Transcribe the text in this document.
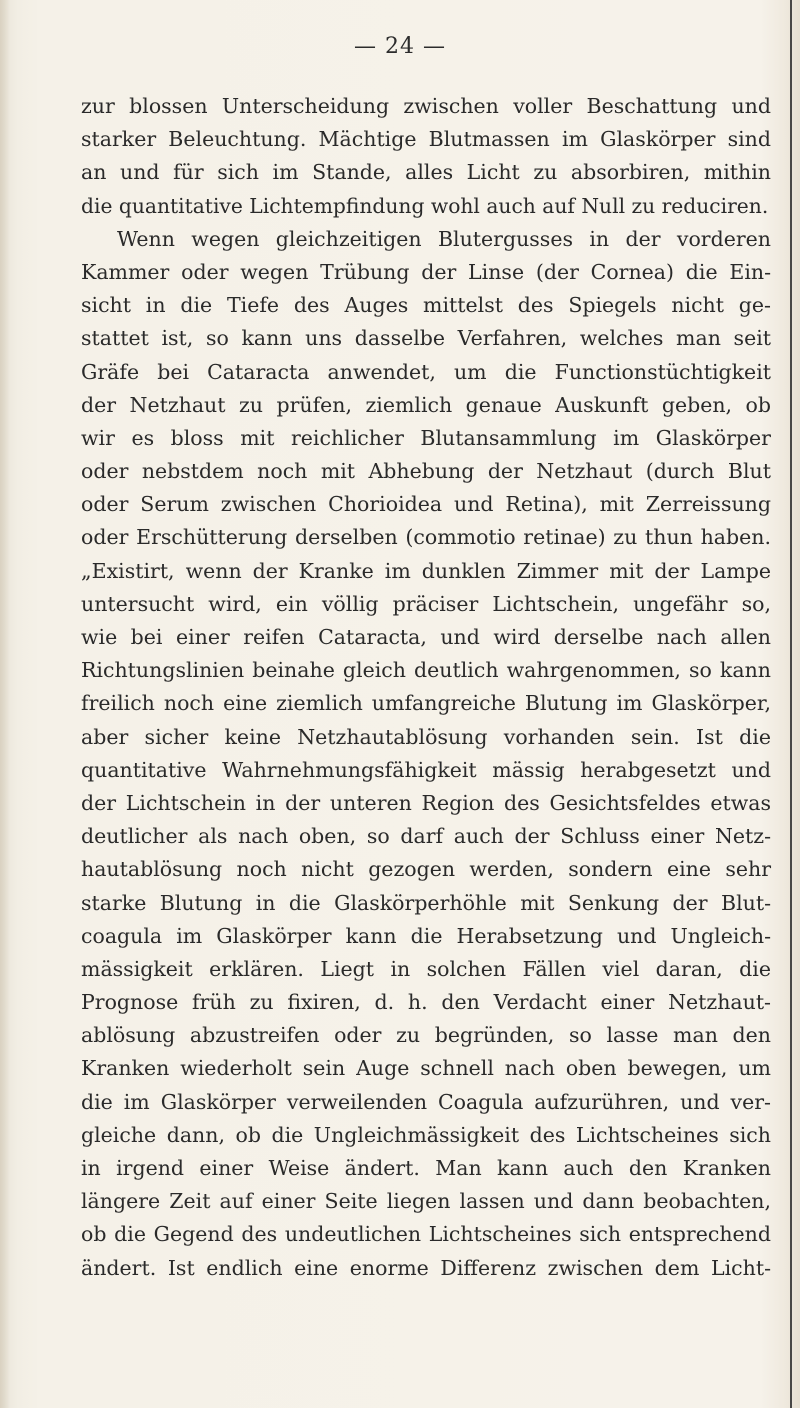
— 24 —
zur blossen Unterscheidung zwischen voller Beschattung und
starker Beleuchtung. Mächtige Blutmassen im Glaskörper sind
an und für sich im Stande, alles Licht zu absorbiren, mithin
die quantitative Lichtempfindung wohl auch auf Null zu reduciren.
Wenn wegen gleichzeitigen Blutergusses in der vorderen
Kammer oder wegen Trübung der Linse (der Cornea) die Ein-
sicht in die Tiefe des Auges mittelst des Spiegels nicht ge-
stattet ist, so kann uns dasselbe Verfahren, welches man seit
Gräfe bei Cataracta anwendet, um die Functionstüchtigkeit
der Netzhaut zu prüfen, ziemlich genaue Auskunft geben, ob
wir es bloss mit reichlicher Blutansammlung im Glaskörper
oder nebstdem noch mit Abhebung der Netzhaut (durch Blut
oder Serum zwischen Chorioidea und Retina), mit Zerreissung
oder Erschütterung derselben (commotio retinae) zu thun haben.
„Existirt, wenn der Kranke im dunklen Zimmer mit der Lampe
untersucht wird, ein völlig präciser Lichtschein, ungefähr so,
wie bei einer reifen Cataracta, und wird derselbe nach allen
Richtungslinien beinahe gleich deutlich wahrgenommen, so kann
freilich noch eine ziemlich umfangreiche Blutung im Glaskörper,
aber sicher keine Netzhautablösung vorhanden sein. Ist die
quantitative Wahrnehmungsfähigkeit mässig herabgesetzt und
der Lichtschein in der unteren Region des Gesichtsfeldes etwas
deutlicher als nach oben, so darf auch der Schluss einer Netz-
hautablösung noch nicht gezogen werden, sondern eine sehr
starke Blutung in die Glaskörperhöhle mit Senkung der Blut-
coagula im Glaskörper kann die Herabsetzung und Ungleich-
mässigkeit erklären. Liegt in solchen Fällen viel daran, die
Prognose früh zu fixiren, d. h. den Verdacht einer Netzhaut-
ablösung abzustreifen oder zu begründen, so lasse man den
Kranken wiederholt sein Auge schnell nach oben bewegen, um
die im Glaskörper verweilenden Coagula aufzurühren, und ver-
gleiche dann, ob die Ungleichmässigkeit des Lichtscheines sich
in irgend einer Weise ändert. Man kann auch den Kranken
längere Zeit auf einer Seite liegen lassen und dann beobachten,
ob die Gegend des undeutlichen Lichtscheines sich entsprechend
ändert. Ist endlich eine enorme Differenz zwischen dem Licht-
